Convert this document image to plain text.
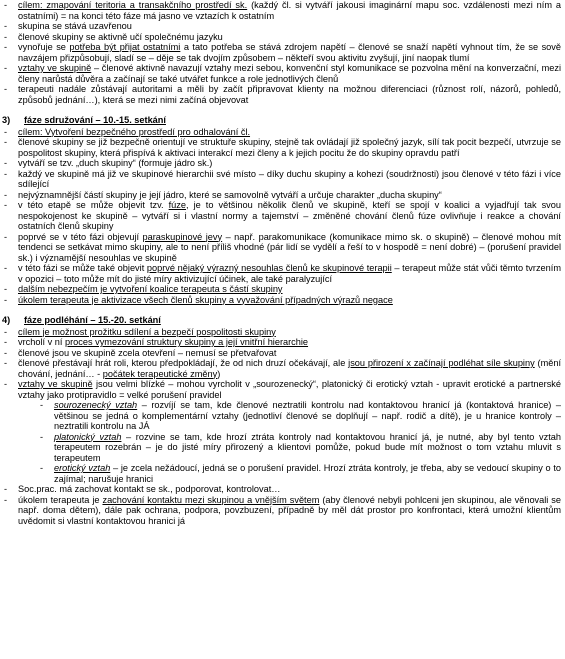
- cílem: zmapování teritoria a transakčního prostředí sk. (každý čl. si vytváří jakousi imaginární mapu soc. vzdálenosti mezi ním a ostatními) = na konci této fáze má jasno ve vztazích k ostatním
- skupina se stává uzavřenou
- členové skupiny se aktivně učí společnému jazyku
- vynořuje se potřeba být přijat ostatními a tato potřeba se stává zdrojem napětí – členové se snaží napětí vyhnout tím, že se sově navzájem přizpůsobují, sladí se – děje se tak dvojím způsobem – někteří svou aktivitu zvyšují, jiní naopak tlumí
- vztahy ve skupině – členové aktivně navazují vztahy mezi sebou, konvenční styl komunikace se pozvolna mění na konverzační, mezi členy narůstá důvěra a začínají se také utvářet funkce a role jednotlivých členů
- terapeuti nadále zůstávají autoritami a měli by začít připravovat klienty na možnou diferenciaci (různost rolí, názorů, pohledů, způsobů jednání…), která se mezi nimi začíná objevovat
3) fáze sdružování – 10.-15. setkání
- cílem: Vytvoření bezpečného prostředí pro odhalování čl.
- členové skupiny se již bezpečně orientují ve struktuře skupiny, stejně tak ovládají již společný jazyk, sílí tak pocit bezpečí, utvrzuje se pospolitost skupiny, která přispívá k aktivaci interakcí mezi členy a k jejich pocitu že do skupiny opravdu patří
- vytváří se tzv. „duch skupiny“ (formuje jádro sk.)
- každý ve skupině má již ve skupinové hierarchii své místo – díky duchu skupiny a kohezi (soudržnosti) jsou členové v této fázi i více sdílející
- nejvýznamnější částí skupiny je její jádro, které se samovolně vytváří a určuje charakter „ducha skupiny“
- v této etapě se může objevit tzv. fúze, je to většinou několik členů ve skupině, kteří se spojí v koalici a vyjadřují tak svou nespokojenost ke skupině – vytváří si i vlastní normy a tajemství – změněné chování členů fúze ovlivňuje i reakce a chování ostatních členů skupiny
- poprvé se v této fázi objevují paraskupinové jevy – např. parakomunikace (komunikace mimo sk. o skupině) – členové mohou mít tendenci se setkávat mimo skupiny, ale to není příliš vhodné (pár lidí se vydělí a řeší to v hospodě = není dobré) – (porušení pravidel sk.) i významější nesouhlas ve skupině
- v této fázi se může také objevit poprvé nějaký výrazný nesouhlas členů ke skupinové terapii – terapeut může stát vůči těmto tvrzením v opozici – toto může mít do jisté míry aktivizující účinek, ale také paralyzující
- dalším nebezpečím je vytvoření koalice terapeuta s částí skupiny
- úkolem terapeuta je aktivizace všech členů skupiny a vyvažování případných výrazů negace
4) fáze podléhání – 15.-20. setkání
- cílem je možnost prožitku sdílení a bezpečí pospolitosti skupiny
- vrcholí v ní proces vymezování struktury skupiny a její vnitřní hierarchie
- členové jsou ve skupině zcela otevření – nemusí se přetvařovat
- členové přestávají hrát roli, kterou předpokládají, že od nich druzí očekávají, ale jsou přirození x začínají podléhat síle skupiny (mění chování, jednání… - počátek terapeutické změny)
- vztahy ve skupině jsou velmi blízké – mohou vyrcholit v „sourozenecký“, platonický či erotický vztah - upravit erotické a partnerské vztahy jako protipravidlo = velké porušení pravidel
- sourozenecký vztah – rozvíjí se tam, kde členové neztratili kontrolu nad kontaktovou hranicí já (kontaktová hranice) – většinou se jedná o komplementární vztahy (jednotliví členové se doplňují – např. rodič a dítě), je u hranice kontroly – neztratili kontrolu na JÁ
- platonický vztah – rozvine se tam, kde hrozí ztráta kontroly nad kontaktovou hranicí já, je nutné, aby byl tento vztah terapeutem rozebrán – je do jisté míry přirozený a klientovi pomůže, pokud bude mít možnost o tom vztahu mluvit s terapeutem
- erotický vztah – je zcela nežádoucí, jedná se o porušení pravidel. Hrozí ztráta kontroly, je třeba, aby se vedoucí skupiny o to zajímal; narušuje hranici
- Soc.prac. má zachovat kontakt se sk., podporovat, kontrolovat…
- úkolem terapeuta je zachování kontaktu mezi skupinou a vnějším světem (aby členové nebyli pohlceni jen skupinou, ale věnovali se např. doma dětem), dále pak ochrana, podpora, povzbuzení, případně by měl dát prostor pro konfrontaci, která umožní klientům uvědomit si vlastní kontaktovou hranici já
